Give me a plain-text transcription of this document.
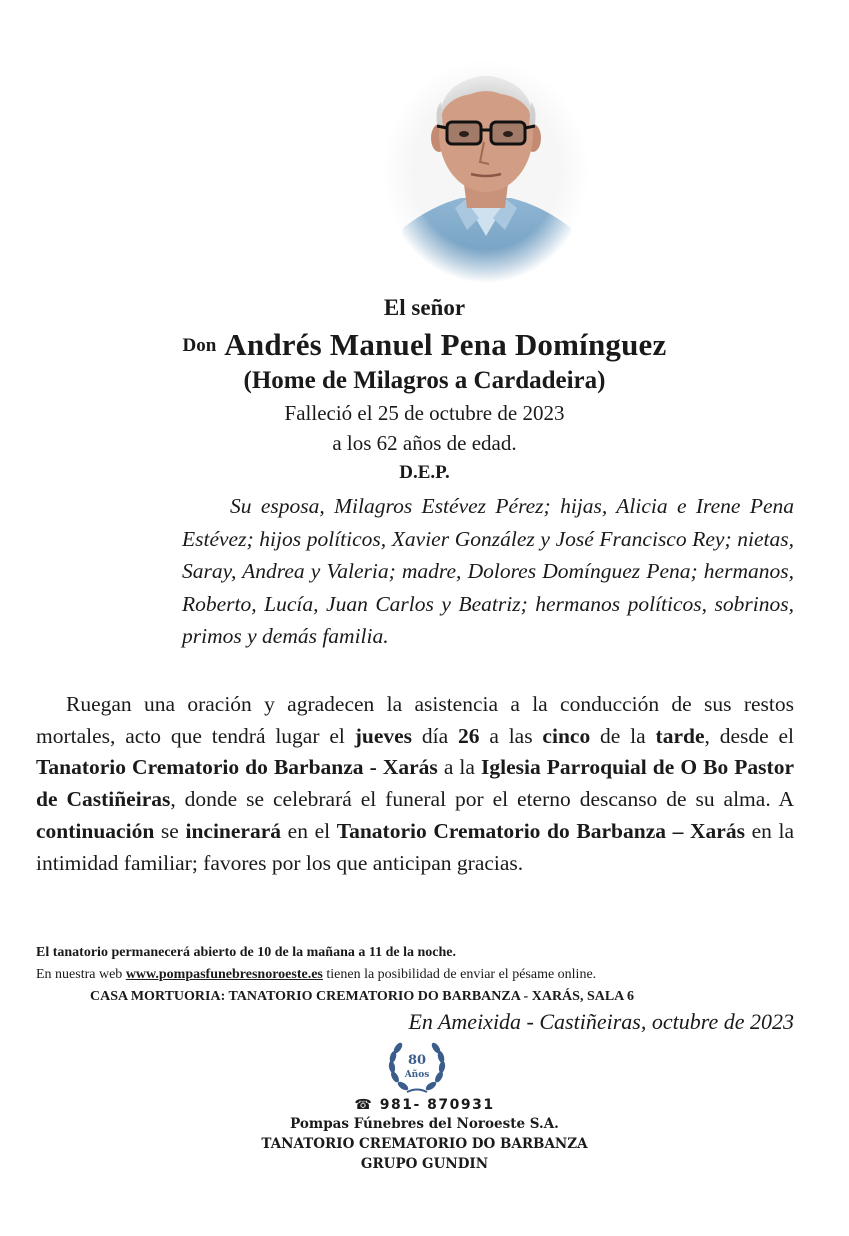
El señor
Don Andrés Manuel Pena Domínguez
(Home de Milagros a Cardadeira)
Falleció el 25 de octubre de 2023
a los 62 años de edad.
D.E.P.
Su esposa, Milagros Estévez Pérez; hijas, Alicia e Irene Pena Estévez; hijos políticos, Xavier González y José Francisco Rey; nietas, Saray, Andrea y Valeria; madre, Dolores Domínguez Pena; hermanos, Roberto, Lucía, Juan Carlos y Beatriz; hermanos políticos, sobrinos, primos y demás familia.
Ruegan una oración y agradecen la asistencia a la conducción de sus restos mortales, acto que tendrá lugar el jueves día 26 a las cinco de la tarde, desde el Tanatorio Crematorio do Barbanza - Xarás a la Iglesia Parroquial de O Bo Pastor de Castiñeiras, donde se celebrará el funeral por el eterno descanso de su alma. A continuación se incinerará en el Tanatorio Crematorio do Barbanza – Xarás en la intimidad familiar; favores por los que anticipan gracias.
El tanatorio permanecerá abierto de 10 de la mañana a 11 de la noche.
En nuestra web www.pompasfunebresnoroeste.es tienen la posibilidad de enviar el pésame online.
CASA MORTUORIA: TANATORIO CREMATORIO DO BARBANZA - XARÁS, SALA 6
En Ameixida - Castiñeiras, octubre de 2023
80
Años
☎ 981- 870931
Pompas Fúnebres del Noroeste S.A.
TANATORIO CREMATORIO DO BARBANZA
GRUPO GUNDIN
